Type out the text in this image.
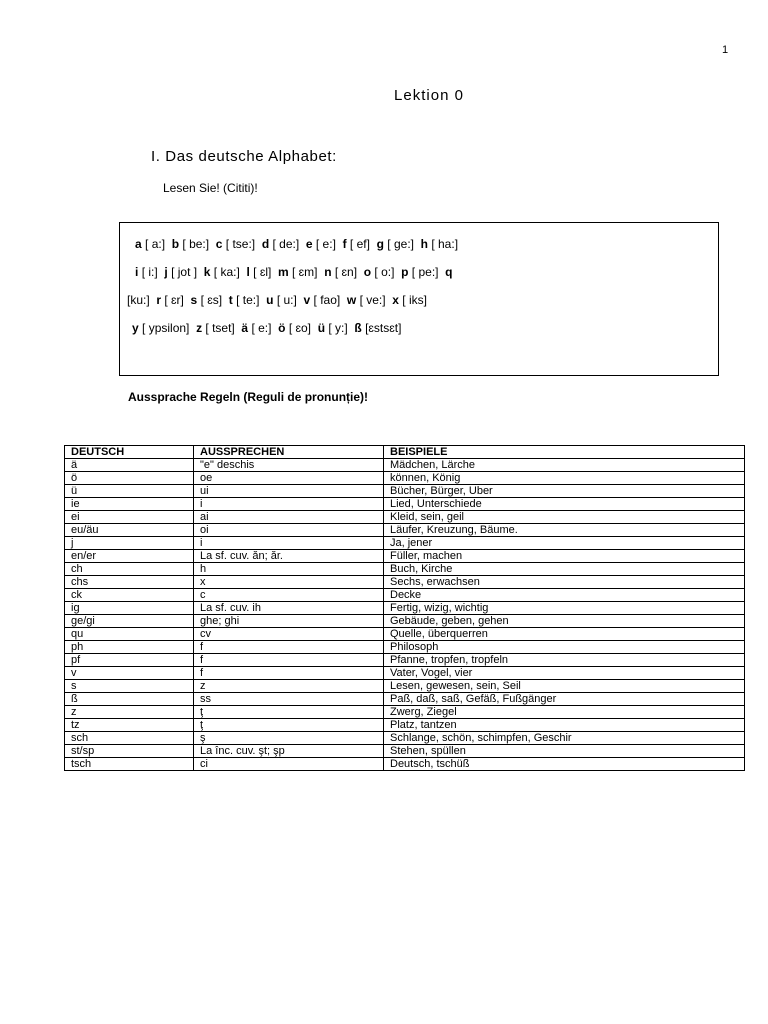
1
Lektion 0
I. Das deutsche Alphabet:
Lesen Sie! (Cititi)!
a [ a:] b [ be:] c [ tse:] d [ de:] e [ e:] f [ ef] g [ ge:] h [ ha:]
i [ i:] j [ jot ] k [ ka:] l [ ɛl] m [ ɛm] n [ ɛn] o [ o:] p [ pe:] q
[ku:] r [ ɛr] s [ ɛs] t [ te:] u [ u:] v [ fao] w [ ve:] x [ iks]
y [ ypsilon] z [ tset] ä [ e:] ö [ ɛo] ü [ y:] ß [ɛstsɛt]
Aussprache Regeln (Reguli de pronunție)!
DEUTSCH	AUSSPRECHEN	BEISPIELE
ä	"e" deschis	Mädchen, Lärche
ö	oe	können, König
ü	ui	Bücher, Bürger, Uber
ie	i	Lied, Unterschiede
ei	ai	Kleid, sein, geil
eu/äu	oi	Läufer, Kreuzung, Bäume.
j	i	Ja, jener
en/er	La sf. cuv. ăn; ăr.	Füller, machen
ch	h	Buch, Kirche
chs	x	Sechs, erwachsen
ck	c	Decke
ig	La sf. cuv. ih	Fertig, wizig, wichtig
ge/gi	ghe; ghi	Gebäude, geben, gehen
qu	cv	Quelle, überquerren
ph	f	Philosoph
pf	f	Pfanne, tropfen, tropfeln
v	f	Vater, Vogel, vier
s	z	Lesen, gewesen, sein, Seil
ß	ss	Paß, daß, saß, Gefäß, Fußgänger
z	ţ	Zwerg, Ziegel
tz	ţ	Platz, tantzen
sch	ş	Schlange, schön, schimpfen, Geschir
st/sp	La înc. cuv. şt; şp	Stehen, spüllen
tsch	ci	Deutsch, tschüß
